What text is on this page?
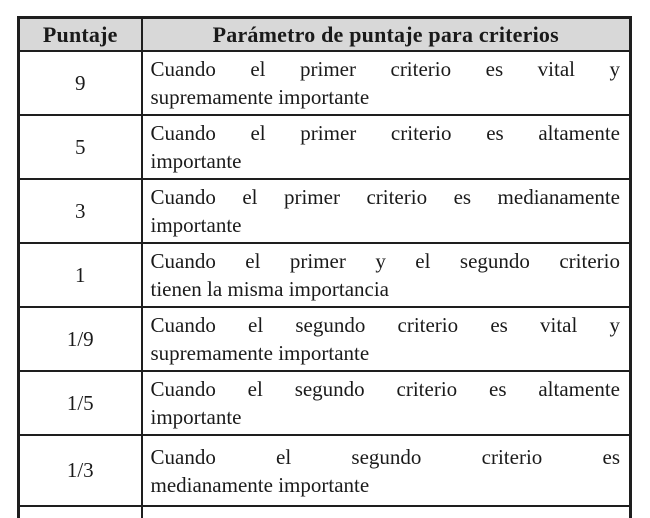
Puntaje	Parámetro de puntaje para criterios
9	Cuando el primer criterio es vital y
supremamente importante

5	Cuando el primer criterio es altamente
importante

3	Cuando el primer criterio es medianamente
importante

1	Cuando el primer y el segundo criterio
tienen la misma importancia

1/9	Cuando el segundo criterio es vital y
supremamente importante

1/5	Cuando el segundo criterio es altamente
importante

1/3	Cuando el segundo criterio es
medianamente importante
